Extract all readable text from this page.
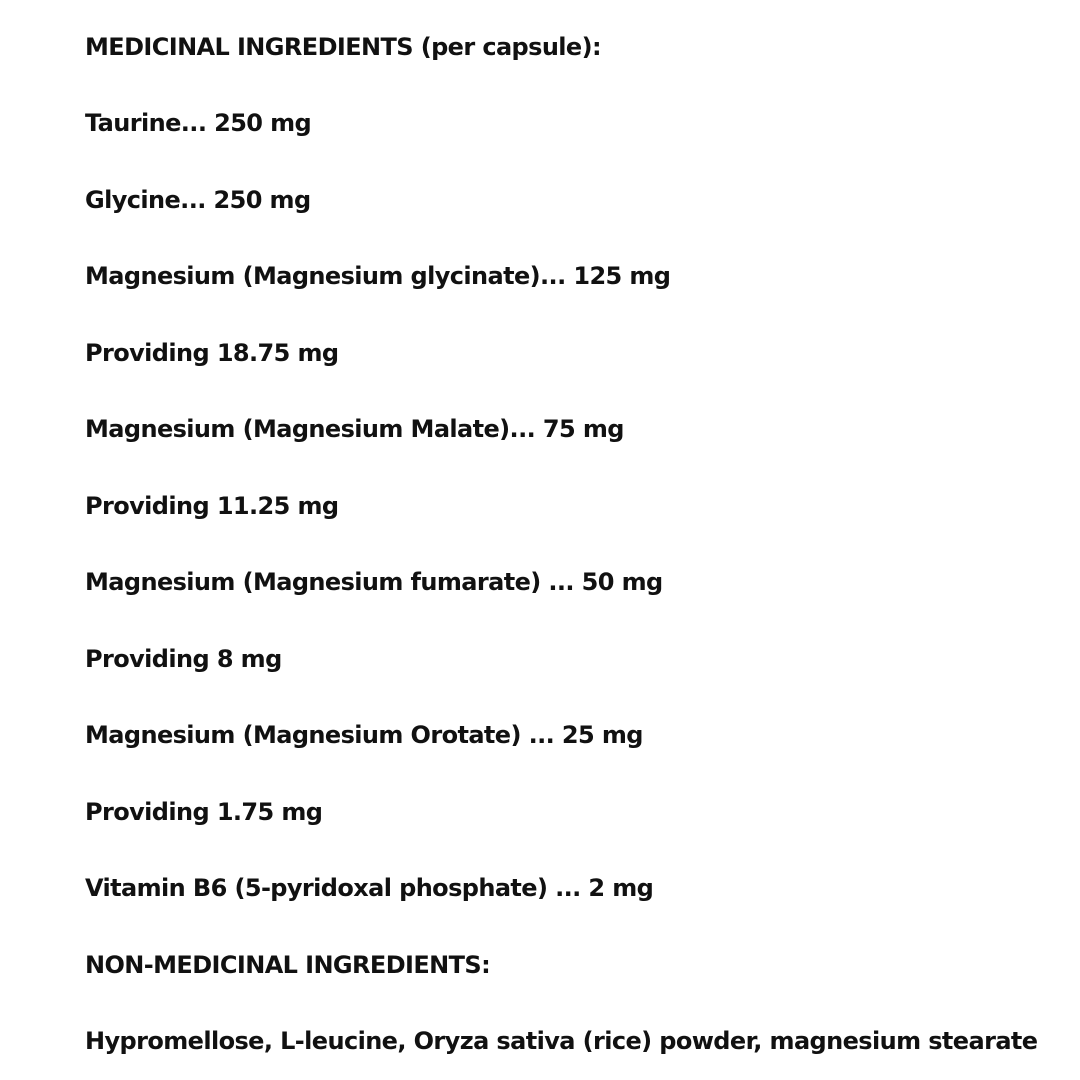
MEDICINAL INGREDIENTS (per capsule):
Taurine... 250 mg
Glycine... 250 mg
Magnesium (Magnesium glycinate)... 125 mg
Providing 18.75 mg
Magnesium (Magnesium Malate)... 75 mg
Providing 11.25 mg
Magnesium (Magnesium fumarate) ... 50 mg
Providing 8 mg
Magnesium (Magnesium Orotate) ... 25 mg
Providing 1.75 mg
Vitamin B6 (5-pyridoxal phosphate) ... 2 mg
NON-MEDICINAL INGREDIENTS:
Hypromellose, L-leucine, Oryza sativa (rice) powder, magnesium stearate
